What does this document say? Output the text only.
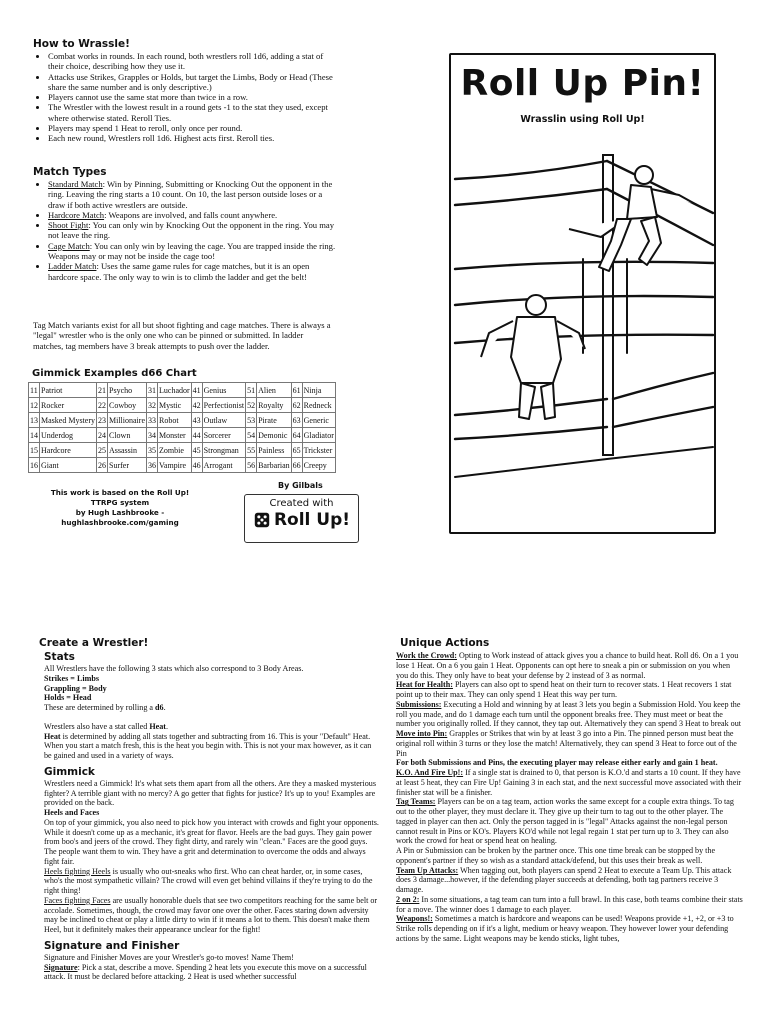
How to Wrassle!
• Combat works in rounds. In each round, both wrestlers roll 1d6, adding a stat of their choice, describing how they use it.
• Attacks use Strikes, Grapples or Holds, but target the Limbs, Body or Head (These share the same number and is only descriptive.)
• Players cannot use the same stat more than twice in a row.
• The Wrestler with the lowest result in a round gets -1 to the stat they used, except where otherwise stated. Reroll Ties.
• Players may spend 1 Heat to reroll, only once per round.
• Each new round, Wrestlers roll 1d6. Highest acts first. Reroll ties.
Match Types
• Standard Match: Win by Pinning, Submitting or Knocking Out the opponent in the ring. Leaving the ring starts a 10 count. On 10, the last person outside loses or a draw if both active wrestlers are outside.
• Hardcore Match: Weapons are involved, and falls count anywhere.
• Shoot Fight: You can only win by Knocking Out the opponent in the ring. You may not leave the ring.
• Cage Match: You can only win by leaving the cage. You are trapped inside the ring. Weapons may or may not be inside the cage too!
• Ladder Match: Uses the same game rules for cage matches, but it is an open hardcore space. The only way to win is to climb the ladder and get the belt!

Tag Match variants exist for all but shoot fighting and cage matches. There is always a "legal" wrestler who is the only one who can be pinned or submitted. In ladder matches, tag members have 3 break attempts to push over the ladder.

Gimmick Examples d66 Chart
11	Patriot	21	Psycho	31	Luchador	41	Genius	51	Alien	61	Ninja
12	Rocker	22	Cowboy	32	Mystic	42	Perfectionist	52	Royalty	62	Redneck
13	Masked Mystery	23	Millionaire	33	Robot	43	Outlaw	53	Pirate	63	Generic
14	Underdog	24	Clown	34	Monster	44	Sorcerer	54	Demonic	64	Gladiator
15	Hardcore	25	Assassin	35	Zombie	45	Strongman	55	Painless	65	Trickster
16	Giant	26	Surfer	36	Vampire	46	Arrogant	56	Barbarian	66	Creepy
This work is based on the Roll Up!
TTRPG system
by Hugh Lashbrooke -
hughlashbrooke.com/gaming
Created with
Roll Up!
By Gilbals
Roll Up Pin!
Wrasslin using Roll Up!
Create a Wrestler!
Stats

All Wrestlers have the following 3 stats which also correspond to 3 Body Areas.

Strikes = Limbs

Grappling = Body

Holds = Head

These are determined by rolling a d6.

Wrestlers also have a stat called Heat.

Heat is determined by adding all stats together and subtracting from 16. This is your "Default" Heat. When you start a match fresh, this is the heat you begin with. This is not your max however, as it can be gained and used in a variety of ways.

Gimmick

Wrestlers need a Gimmick! It's what sets them apart from all the others. Are they a masked mysterious fighter? A terrible giant with no mercy? A go getter that fights for justice? It's up to you! Examples are provided on the back.

Heels and Faces

On top of your gimmick, you also need to pick how you interact with crowds and fight your opponents. While it doesn't come up as a mechanic, it's great for flavor. Heels are the bad guys. They gain power from boo's and jeers of the crowd. They fight dirty, and rarely win "clean." Faces are the good guys. The people want them to win. They have a grit and determination to overcome the odds and always fight fair.

Heels fighting Heels is usually who out-sneaks who first. Who can cheat harder, or, in some cases, who's the most sympathetic villain? The crowd will even get behind villains if they're trying to do the right thing!

Faces fighting Faces are usually honorable duels that see two competitors reaching for the same belt or accolade. Sometimes, though, the crowd may favor one over the other. Faces staring down adversity may be inclined to cheat or play a little dirty to win if it means a lot to them. This doesn't make them Heel, but it definitely makes their appearance unclear for the fight!

Signature and Finisher

Signature and Finisher Moves are your Wrestler's go-to moves! Name Them!

Signature: Pick a stat, describe a move. Spending 2 heat lets you execute this move on a successful attack. It must be declared before attacking. 2 Heat is used whether successful

Unique Actions

Work the Crowd: Opting to Work instead of attack gives you a chance to build heat. Roll d6. On a 1 you lose 1 Heat. On a 6 you gain 1 Heat. Opponents can opt here to sneak a pin or submission on you when you do this. They only have to beat your defense by 2 instead of 3 as normal.

Heat for Health: Players can also opt to spend heat on their turn to recover stats. 1 Heat recovers 1 stat point up to their max. They can only spend 1 Heat this way per turn.

Submissions: Executing a Hold and winning by at least 3 lets you begin a Submission Hold. You keep the roll you made, and do 1 damage each turn until the opponent breaks free. They must meet or beat the number you originally rolled. If they cannot, they tap out. Alternatively they can spend 3 Heat to break out

Move into Pin: Grapples or Strikes that win by at least 3 go into a Pin. The pinned person must beat the original roll within 3 turns or they lose the match! Alternatively, they can spend 3 Heat to force out of the Pin

For both Submissions and Pins, the executing player may release either early and gain 1 heat.

K.O. And Fire Up!: If a single stat is drained to 0, that person is K.O.'d and starts a 10 count. If they have at least 5 heat, they can Fire Up! Gaining 3 in each stat, and the next successful move associated with their finisher stat will be a finisher.

Tag Teams: Players can be on a tag team, action works the same except for a couple extra things. To tag out to the other player, they must declare it. They give up their turn to tag out to the other player. The tagged in player can then act. Only the person tagged in is "legal" Attacks against the non-legal person cannot result in Pins or KO's. Players KO'd while not legal regain 1 stat per turn up to 3. They can also work the crowd for heat or spend heat on healing.

A Pin or Submission can be broken by the partner once. This one time break can be stopped by the opponent's partner if they so wish as a standard attack/defend, but this uses their break as well.

Team Up Attacks: When tagging out, both players can spend 2 Heat to execute a Team Up. This attack does 3 damage...however, if the defending player succeeds at defending, both tag partners receive 3 damage.

2 on 2: In some situations, a tag team can turn into a full brawl. In this case, both teams combine their stats for a move. The winner does 1 damage to each player.

Weapons!: Sometimes a match is hardcore and weapons can be used! Weapons provide +1, +2, or +3 to Strike rolls depending on if it's a light, medium or heavy weapon. They however lower your defending actions by the same. Light weapons may be kendo sticks, light tubes,
